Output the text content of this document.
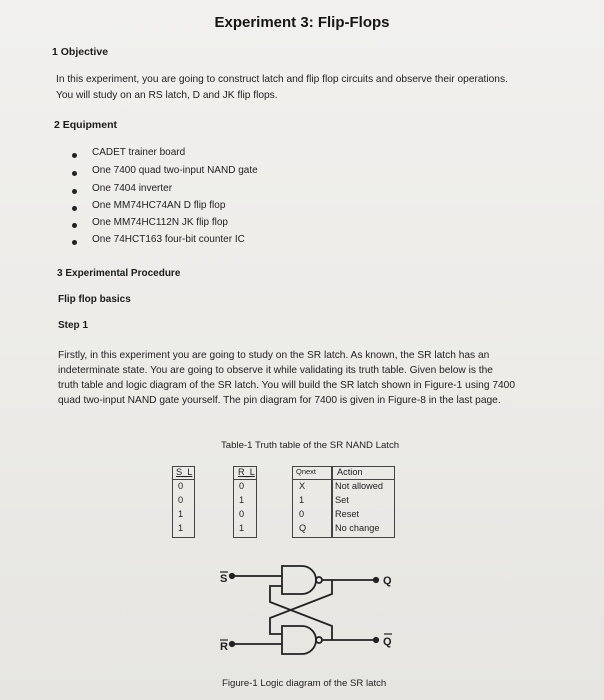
Experiment 3: Flip-Flops
1 Objective
In this experiment, you are going to construct latch and flip flop circuits and observe their operations.
You will study on an RS latch, D and JK flip flops.
2 Equipment
CADET trainer board
One 7400 quad two-input NAND gate
One 7404 inverter
One MM74HC74AN D flip flop
One MM74HC112N JK flip flop
One 74HCT163 four-bit counter IC
3 Experimental Procedure
Flip flop basics
Step 1
Firstly, in this experiment you are going to study on the SR latch. As known, the SR latch has an
indeterminate state. You are going to observe it while validating its truth table. Given below is the
truth table and logic diagram of the SR latch. You will build the SR latch shown in Figure-1 using 7400
quad two-input NAND gate yourself. The pin diagram for 7400 is given in Figure-8 in the last page.
Table-1 Truth table of the SR NAND Latch
S_L	R_L	Qnext Action
0	0	X	Not allowed
0	1	1	Set
1	0	0	Reset
1	1	Q	No change
S
R
Q
Q
Figure-1 Logic diagram of the SR latch
